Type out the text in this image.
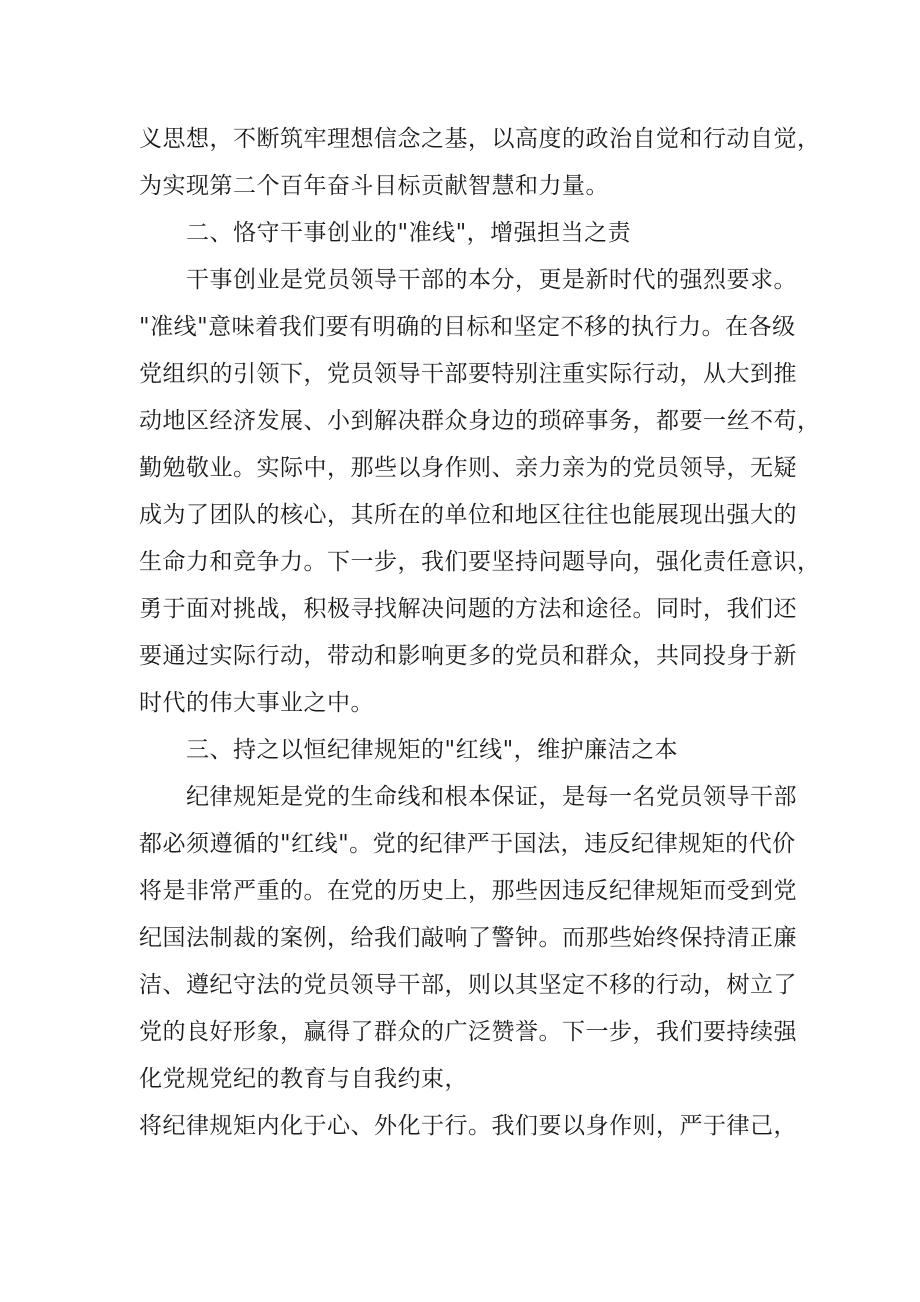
义思想，不断筑牢理想信念之基，以高度的政治自觉和行动自觉，
为实现第二个百年奋斗目标贡献智慧和力量。
二、恪守干事创业的"准线"，增强担当之责
干事创业是党员领导干部的本分，更是新时代的强烈要求。
"准线"意味着我们要有明确的目标和坚定不移的执行力。在各级
党组织的引领下，党员领导干部要特别注重实际行动，从大到推
动地区经济发展、小到解决群众身边的琐碎事务，都要一丝不苟，
勤勉敬业。实际中，那些以身作则、亲力亲为的党员领导，无疑
成为了团队的核心，其所在的单位和地区往往也能展现出强大的
生命力和竞争力。下一步，我们要坚持问题导向，强化责任意识，
勇于面对挑战，积极寻找解决问题的方法和途径。同时，我们还
要通过实际行动，带动和影响更多的党员和群众，共同投身于新
时代的伟大事业之中。
三、持之以恒纪律规矩的"红线"，维护廉洁之本
纪律规矩是党的生命线和根本保证，是每一名党员领导干部
都必须遵循的"红线"。党的纪律严于国法，违反纪律规矩的代价
将是非常严重的。在党的历史上，那些因违反纪律规矩而受到党
纪国法制裁的案例，给我们敲响了警钟。而那些始终保持清正廉
洁、遵纪守法的党员领导干部，则以其坚定不移的行动，树立了
党的良好形象，赢得了群众的广泛赞誉。下一步，我们要持续强
化党规党纪的教育与自我约束，
将纪律规矩内化于心、外化于行。我们要以身作则，严于律己，
